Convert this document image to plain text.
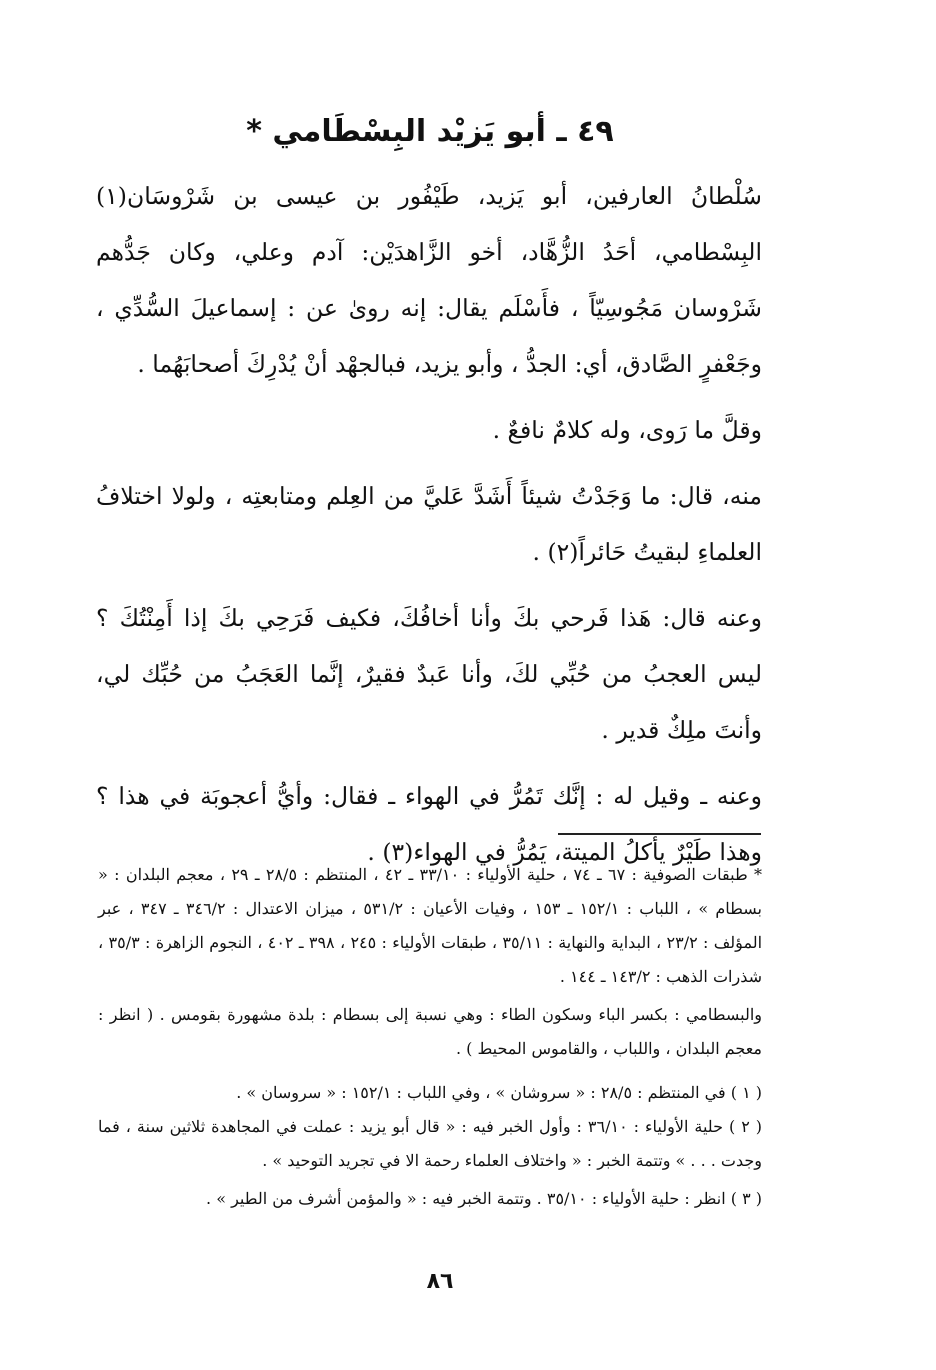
٤٩ ـ أبو يَزيْد البِسْطَامي *

سُلْطانُ العارفين، أبو يَزيد، طَيْفُور بن عيسى بن شَرْوسَان(١) البِسْطامي، أحَدُ الزُّهَّاد، أخو الزَّاهدَيْن: آدم وعلي، وكان جَدُّهم شَرْوسان مَجُوسِيّاً ، فأَسْلَم يقال: إنه روىٰ عن : إسماعيلَ السُّدِّي ، وجَعْفرٍ الصَّادق، أي: الجدُّ ، وأبو يزيد، فبالجهْد أنْ يُدْرِكَ أصحابَهُما .

وقلَّ ما رَوى، وله كلامٌ نافعٌ .

منه، قال: ما وَجَدْتُ شيئاً أَشَدَّ عَليَّ من العِلم ومتابعتِه ، ولولا اختلافُ العلماءِ لبقيتُ حَائراً(٢) .

وعنه قال: هَذا فَرحي بكَ وأنا أخافُكَ، فكيف فَرَحِي بكَ إذا أَمِنْتُكَ ؟ ليس العجبُ من حُبِّي لكَ، وأنا عَبدٌ فقيرٌ، إنَّما العَجَبُ من حُبِّك لي، وأنتَ ملِكٌ قدير .

وعنه ـ وقيل له : إنَّك تَمُرُّ في الهواء ـ فقال: وأيُّ أعجوبَة في هذا ؟ وهذا طَيْرٌ يأكلُ الميتة، يَمُرُّ في الهواء(٣) .

* طبقات الصوفية : ٦٧ ـ ٧٤ ، حلية الأولياء : ٣٣/١٠ ـ ٤٢ ، المنتظم : ٢٨/٥ ـ ٢٩ ، معجم البلدان : « بسطام » ، اللباب : ١٥٢/١ ـ ١٥٣ ، وفيات الأعيان : ٥٣١/٢ ، ميزان الاعتدال : ٣٤٦/٢ ـ ٣٤٧ ، عبر المؤلف : ٢٣/٢ ، البداية والنهاية : ٣٥/١١ ، طبقات الأولياء : ٢٤٥ ، ٣٩٨ ـ ٤٠٢ ، النجوم الزاهرة : ٣٥/٣ ، شذرات الذهب : ١٤٣/٢ ـ ١٤٤ .

والبسطامي : بكسر الباء وسكون الطاء : وهي نسبة إلى بسطام : بلدة مشهورة بقومس . ( انظر : معجم البلدان ، واللباب ، والقاموس المحيط ) .

( ١ ) في المنتظم : ٢٨/٥ : « سروشان » ، وفي اللباب : ١٥٢/١ : « سروسان » .

( ٢ ) حلية الأولياء : ٣٦/١٠ : وأول الخبر فيه : « قال أبو يزيد : عملت في المجاهدة ثلاثين سنة ، فما وجدت . . . » وتتمة الخبر : « واختلاف العلماء رحمة الا في تجريد التوحيد » .

( ٣ ) انظر : حلية الأولياء : ٣٥/١٠ . وتتمة الخبر فيه : « والمؤمن أشرف من الطير » .

٨٦
